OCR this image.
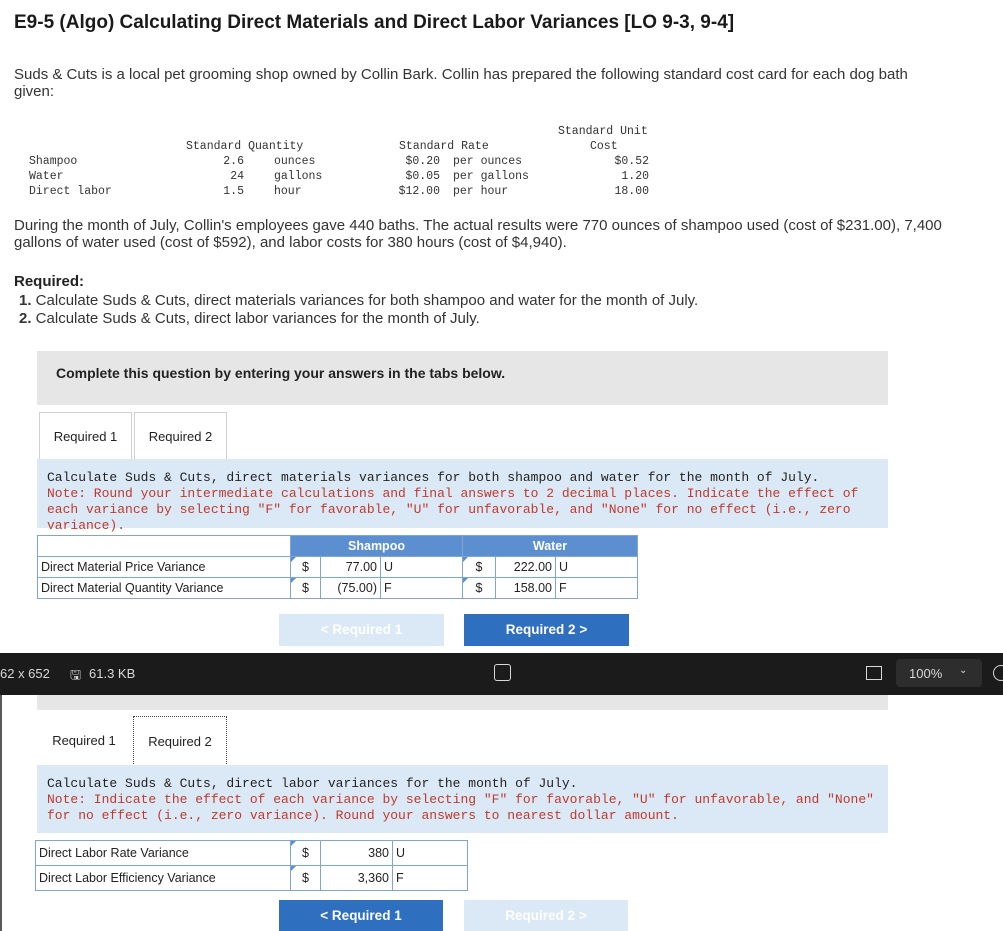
E9-5 (Algo) Calculating Direct Materials and Direct Labor Variances [LO 9-3, 9-4]
Suds & Cuts is a local pet grooming shop owned by Collin Bark. Collin has prepared the following standard cost card for each dog bath given:
Standard Quantity	Standard Rate
Standard Unit
Cost
Shampoo	2.6	ounces	$0.20 per ounces	$0.52
Water	24	gallons	$0.05 per gallons	1.20
Direct labor	1.5	hour	$12.00 per hour	18.00
During the month of July, Collin's employees gave 440 baths. The actual results were 770 ounces of shampoo used (cost of $231.00), 7,400 gallons of water used (cost of $592), and labor costs for 380 hours (cost of $4,940).
Required:
1. Calculate Suds & Cuts, direct materials variances for both shampoo and water for the month of July.
2. Calculate Suds & Cuts, direct labor variances for the month of July.
Complete this question by entering your answers in the tabs below.
Required 1	Required 2
Calculate Suds & Cuts, direct materials variances for both shampoo and water for the month of July.
Note: Round your intermediate calculations and final answers to 2 decimal places. Indicate the effect of each variance by selecting "F" for favorable, "U" for unfavorable, and "None" for no effect (i.e., zero variance).
	Shampoo			Water		
Direct Material Price Variance	$	77.00	U	$	222.00	U
Direct Material Quantity Variance	$	(75.00)	F	$	158.00	F
< Required 1	Required 2 >
62 x 652 🖫 61.3 KB	100% ⌄
Required 1	Required 2
Calculate Suds & Cuts, direct labor variances for the month of July.
Note: Indicate the effect of each variance by selecting "F" for favorable, "U" for unfavorable, and "None" for no effect (i.e., zero variance). Round your answers to nearest dollar amount.
Direct Labor Rate Variance	$	380	U
Direct Labor Efficiency Variance	$	3,360	F
< Required 1	Required 2 >
